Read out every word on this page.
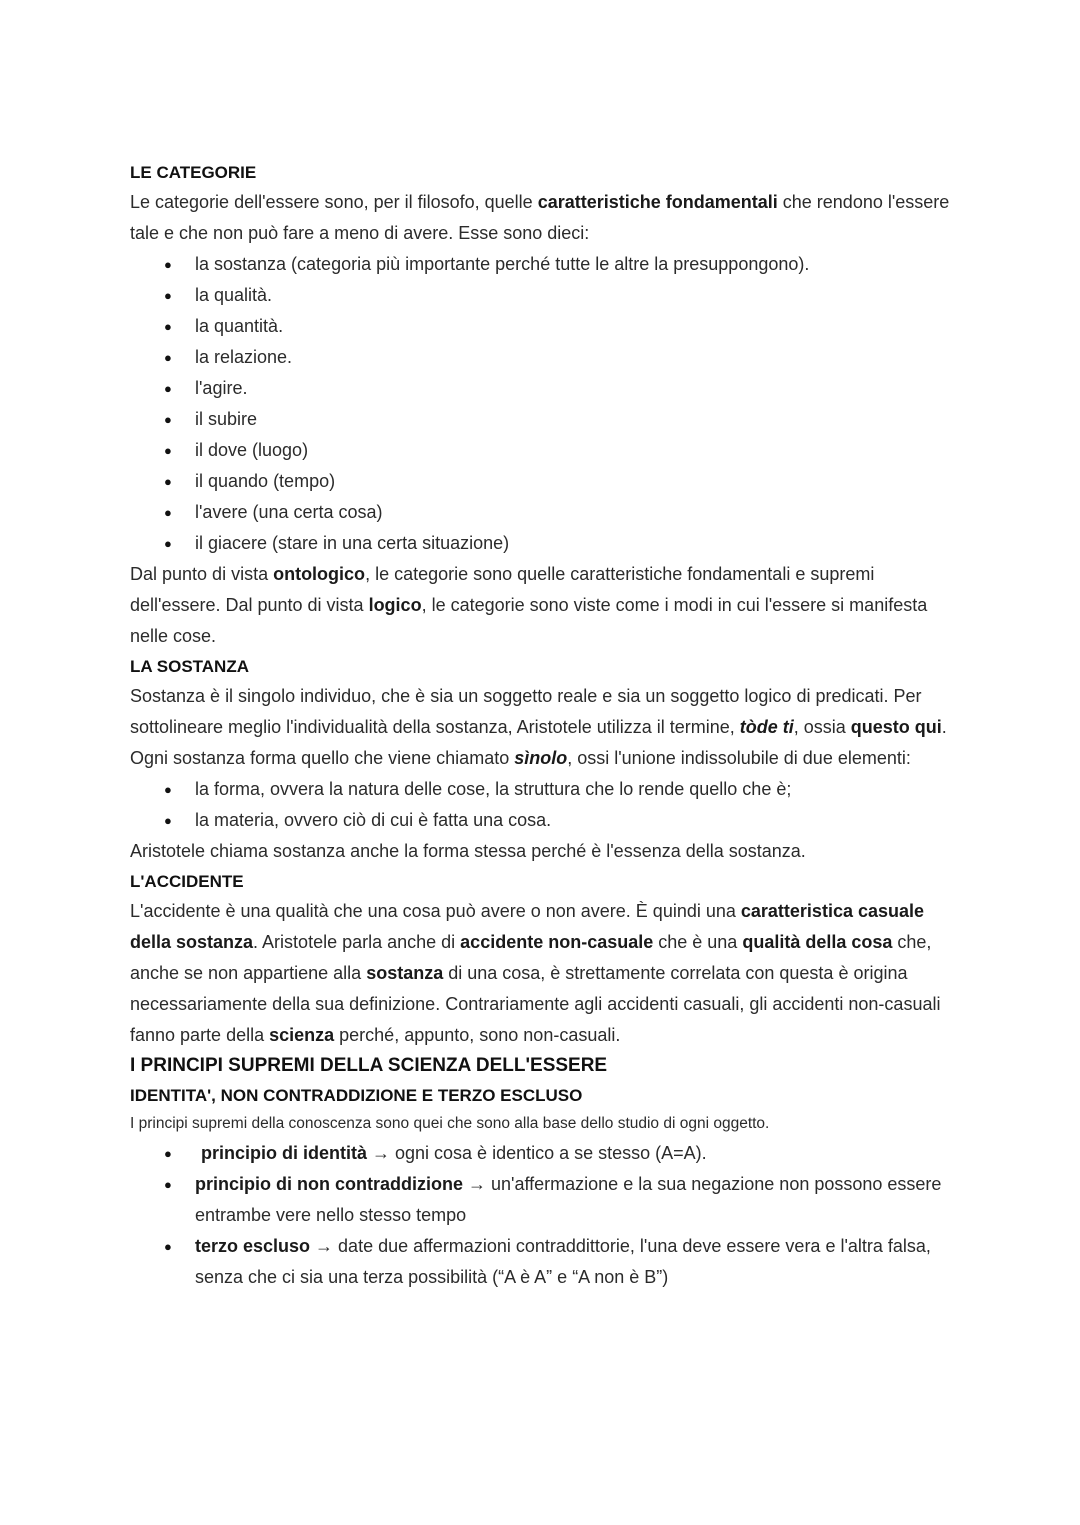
LE CATEGORIE

Le categorie dell'essere sono, per il filosofo, quelle caratteristiche fondamentali che rendono l'essere tale e che non può fare a meno di avere. Esse sono dieci:

● la sostanza (categoria più importante perché tutte le altre la presuppongono).
● la qualità.
● la quantità.
● la relazione.
● l'agire.
● il subire
● il dove (luogo)
● il quando (tempo)
● l'avere (una certa cosa)
● il giacere (stare in una certa situazione)

Dal punto di vista ontologico, le categorie sono quelle caratteristiche fondamentali e supremi dell'essere. Dal punto di vista logico, le categorie sono viste come i modi in cui l'essere si manifesta nelle cose.

LA SOSTANZA

Sostanza è il singolo individuo, che è sia un soggetto reale e sia un soggetto logico di predicati. Per sottolineare meglio l'individualità della sostanza, Aristotele utilizza il termine, tòde ti, ossia questo qui. Ogni sostanza forma quello che viene chiamato sìnolo, ossi l'unione indissolubile di due elementi:

● la forma, ovvera la natura delle cose, la struttura che lo rende quello che è;
● la materia, ovvero ciò di cui è fatta una cosa.

Aristotele chiama sostanza anche la forma stessa perché è l'essenza della sostanza.

L'ACCIDENTE

L'accidente è una qualità che una cosa può avere o non avere. È quindi una caratteristica casuale della sostanza. Aristotele parla anche di accidente non-casuale che è una qualità della cosa che, anche se non appartiene alla sostanza di una cosa, è strettamente correlata con questa è origina necessariamente della sua definizione. Contrariamente agli accidenti casuali, gli accidenti non-casuali fanno parte della scienza perché, appunto, sono non-casuali.

I PRINCIPI SUPREMI DELLA SCIENZA DELL'ESSERE
IDENTITA', NON CONTRADDIZIONE E TERZO ESCLUSO

I principi supremi della conoscenza sono quei che sono alla base dello studio di ogni oggetto.

● principio di identità → ogni cosa è identico a se stesso (A=A).
● principio di non contraddizione → un'affermazione e la sua negazione non possono essere entrambe vere nello stesso tempo
● terzo escluso → date due affermazioni contraddittorie, l'una deve essere vera e l'altra falsa, senza che ci sia una terza possibilità (“A è A” e “A non è B”)
